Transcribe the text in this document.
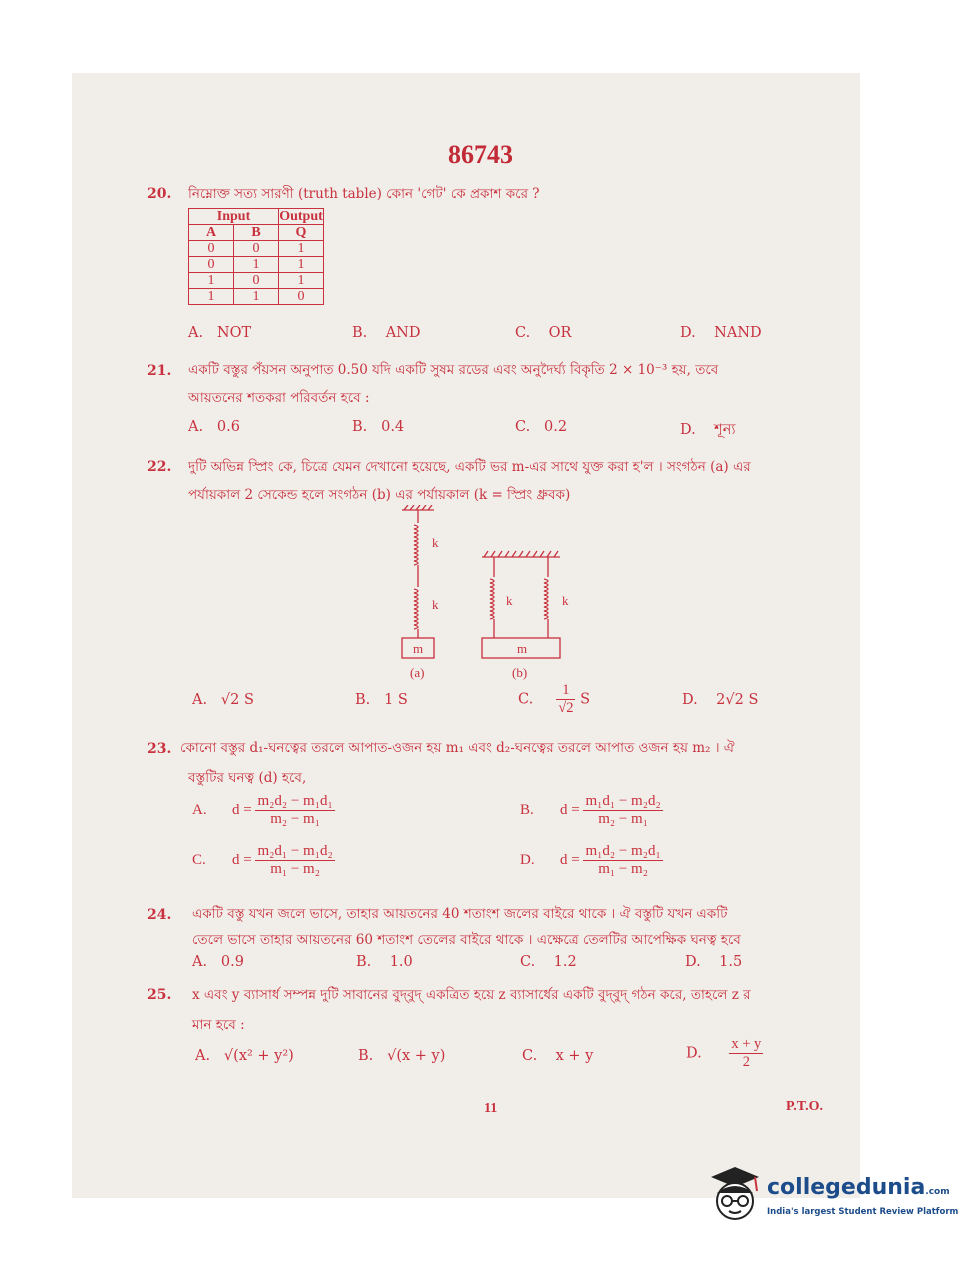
86743
20. নিম্নোক্ত সত্য সারণী (truth table) কোন 'গেট' কে প্রকাশ করে ?
Input		Output
A	B	Q
0	0	1
0	1	1
1	0	1
1	1	0
A. NOT	B. AND	C. OR	D. NAND
21. একটি বস্তুর পঁয়সন অনুপাত 0.50 যদি একটি সুষম রডের এবং অনুদৈর্ঘ্য বিকৃতি 2 × 10⁻³ হয়, তবে
আয়তনের শতকরা পরিবর্তন হবে :
A. 0.6	B. 0.4	C. 0.2	D. শূন্য
22. দুটি অভিন্ন স্প্রিং কে, চিত্রে যেমন দেখানো হয়েছে, একটি ভর m-এর সাথে যুক্ত করা হ'ল । সংগঠন (a) এর
পর্যায়কাল 2 সেকেন্ড হলে সংগঠন (b) এর পর্যায়কাল (k = স্প্রিং ধ্রুবক)
k
k
m
(a)
k	k
m
(b)
A. √2 S	B. 1 S	C. $\frac{1}{√2}$ S	D. 2√2 S
23. কোনো বস্তুর d₁-ঘনত্বের তরলে আপাত-ওজন হয় m₁ এবং d₂-ঘনত্বের তরলে আপাত ওজন হয় m₂ । ঐ
বস্তুটির ঘনত্ব (d) হবে,
A. $d = \frac{\text{m₂d₂ − m₁d₁}}{\text{m₂ − m₁}}$	B. $d = \frac{\text{m₁d₁ − m₂d₂}}{\text{m₂ − m₁}}$
C. $d = \frac{\text{m₂d₁ − m₁d₂}}{\text{m₁ − m₂}}$	D. $d = \frac{\text{m₁d₂ − m₂d₁}}{\text{m₁ − m₂}}$
24. একটি বস্তু যখন জলে ভাসে, তাহার আয়তনের 40 শতাংশ জলের বাইরে থাকে । ঐ বস্তুটি যখন একটি
তেলে ভাসে তাহার আয়তনের 60 শতাংশ তেলের বাইরে থাকে । এক্ষেত্রে তেলটির আপেক্ষিক ঘনত্ব হবে
A. 0.9	B. 1.0	C. 1.2	D. 1.5
25. x এবং y ব্যাসার্ধ সম্পন্ন দুটি সাবানের বুদ্‌বুদ্ একত্রিত হয়ে z ব্যাসার্ধের একটি বুদ্‌বুদ্ গঠন করে, তাহলে z র
মান হবে :
A. √(x² + y²)	B. √(x + y)	C. x + y	D. $\frac{x + y}{2}$
11	P.T.O.
collegedunia.com
India's largest Student Review Platform
